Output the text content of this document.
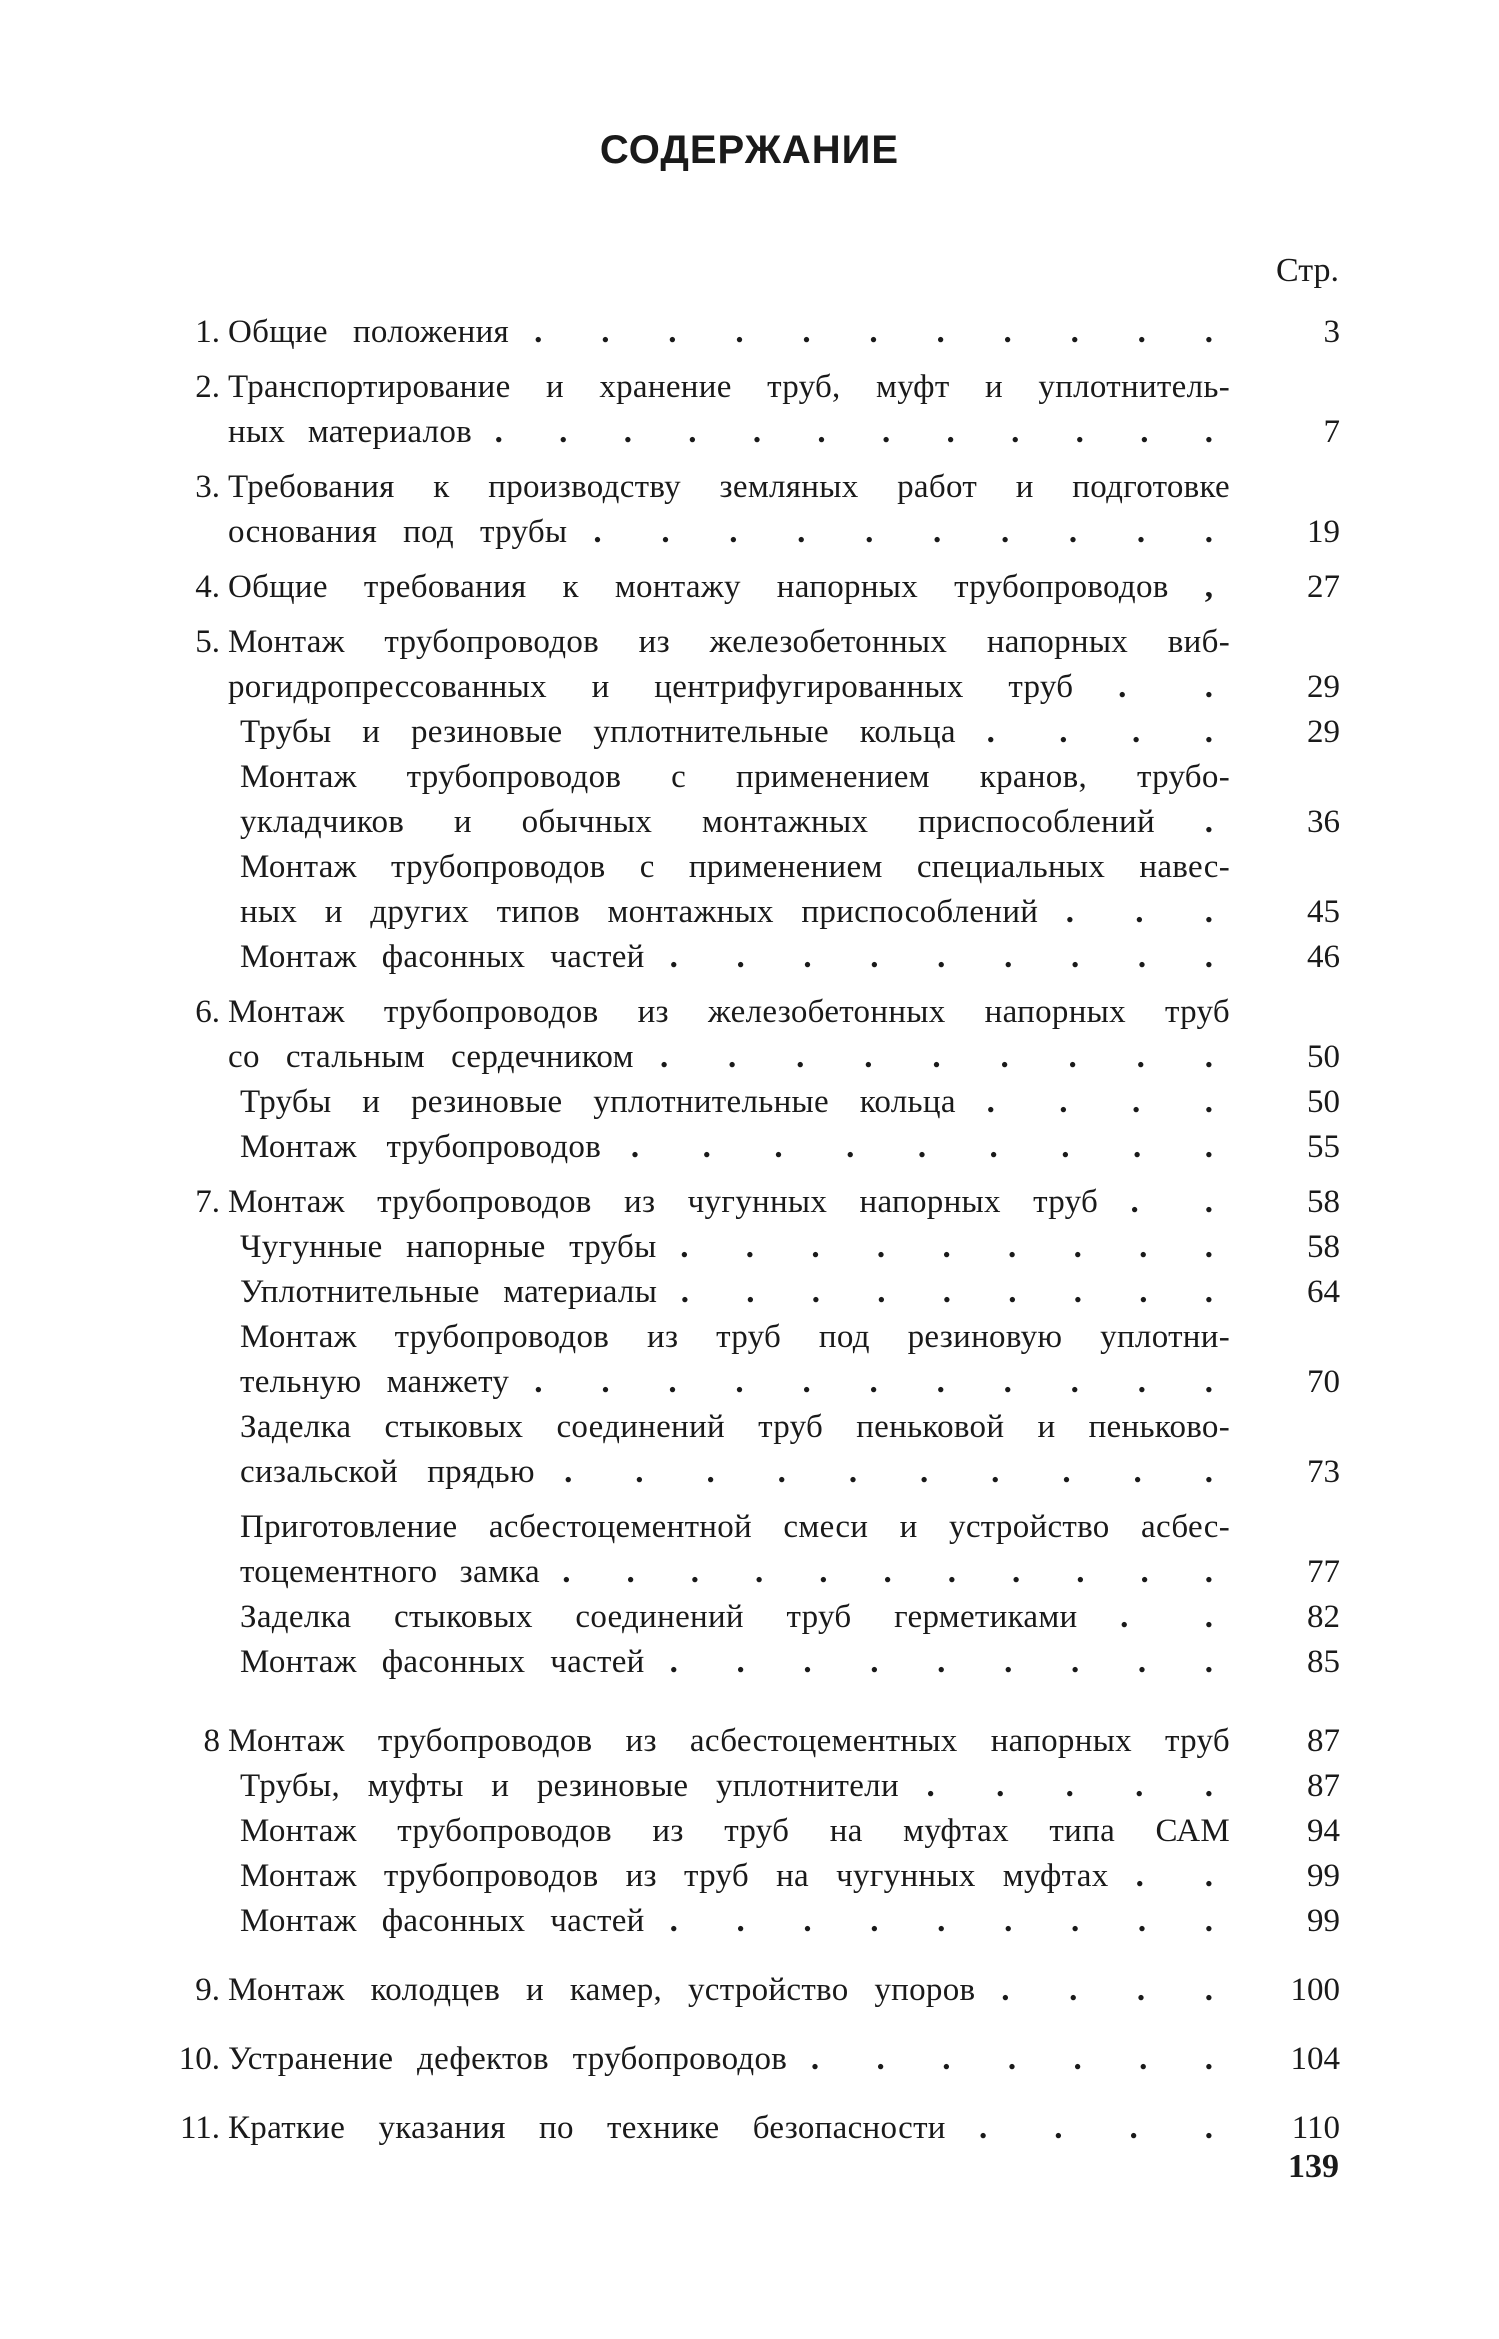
СОДЕРЖАНИЕ
Стр.
1. Общие положения . . . . . . . . . . .	3
2. Транспортирование и хранение труб, муфт и уплотнитель-
ных материалов . . . . . . . . . . . .	7
3. Требования к производству земляных работ и подготовке
основания под трубы . . . . . . . . . .	19
4. Общие требования к монтажу напорных трубопроводов ,	27
5. Монтаж трубопроводов из железобетонных напорных виб-
рогидропрессованных и центрифугированных труб . .	29
Трубы и резиновые уплотнительные кольца . . . .	29
Монтаж трубопроводов с применением кранов, трубо-
укладчиков и обычных монтажных приспособлений .	36
Монтаж трубопроводов с применением специальных навес-
ных и других типов монтажных приспособлений . . .	45
Монтаж фасонных частей . . . . . . . . .	46
6. Монтаж трубопроводов из железобетонных напорных труб
со стальным сердечником . . . . . . . . .	50
Трубы и резиновые уплотнительные кольца . . . .	50
Монтаж трубопроводов . . . . . . . . .	55
7. Монтаж трубопроводов из чугунных напорных труб . .	58
Чугунные напорные трубы . . . . . . . . .	58
Уплотнительные материалы . . . . . . . . .	64
Монтаж трубопроводов из труб под резиновую уплотни-
тельную манжету . . . . . . . . . . .	70
Заделка стыковых соединений труб пеньковой и пеньково-
сизальской прядью . . . . . . . . . .	73
Приготовление асбестоцементной смеси и устройство асбес-
тоцементного замка . . . . . . . . . . .	77
Заделка стыковых соединений труб герметиками . .	82
Монтаж фасонных частей . . . . . . . . .	85
8 Монтаж трубопроводов из асбестоцементных напорных труб	87
Трубы, муфты и резиновые уплотнители . . . . .	87
Монтаж трубопроводов из труб на муфтах типа САМ	94
Монтаж трубопроводов из труб на чугунных муфтах . .	99
Монтаж фасонных частей . . . . . . . . .	99
9. Монтаж колодцев и камер, устройство упоров . . . .	100
10. Устранение дефектов трубопроводов . . . . . . .	104
11. Краткие указания по технике безопасности . . . .	110
139
